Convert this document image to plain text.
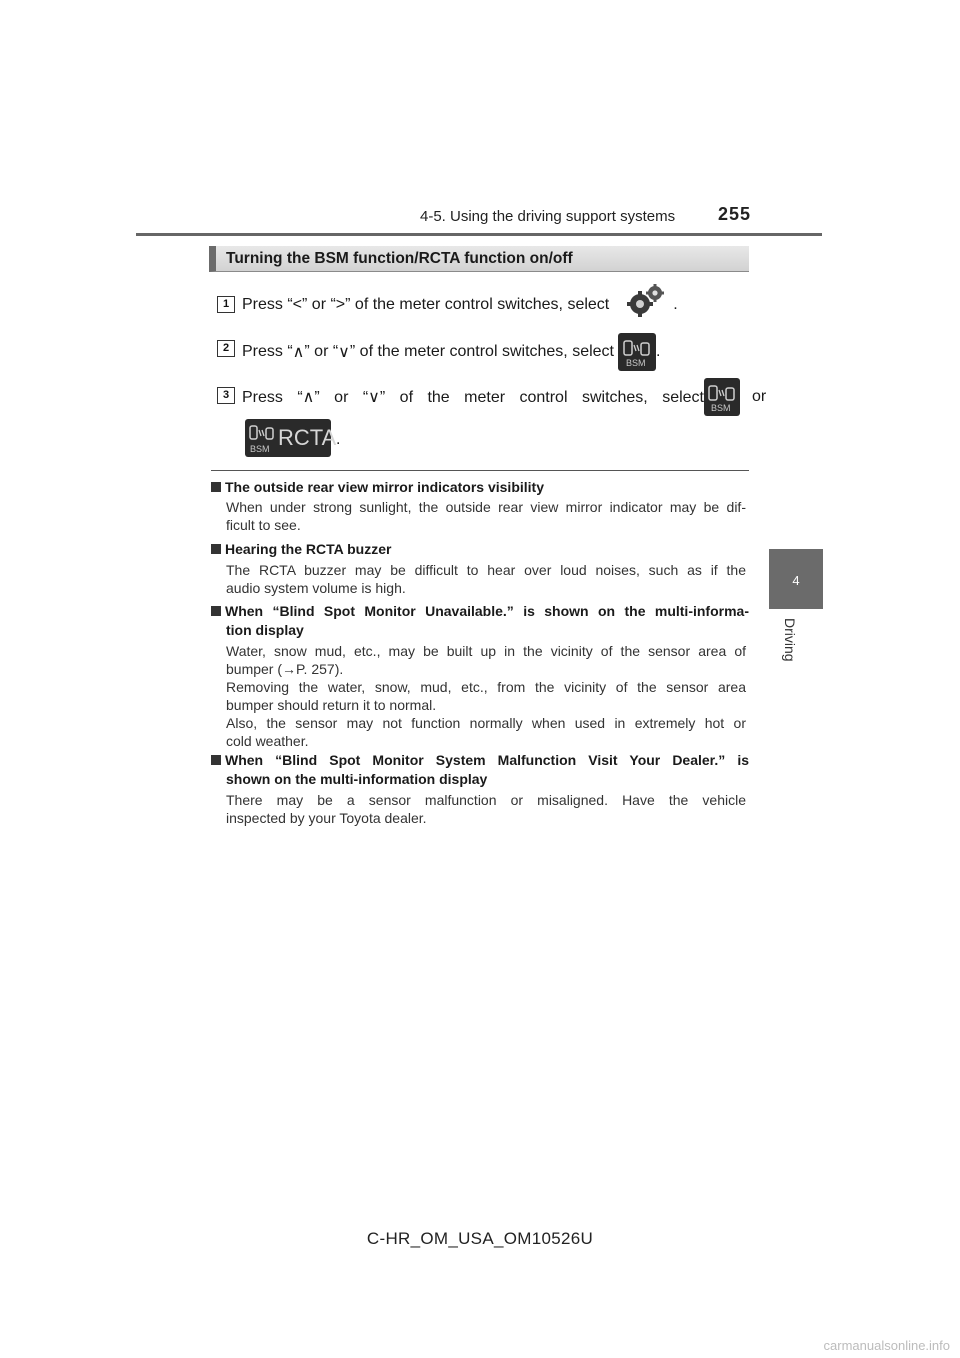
4-5. Using the driving support systems 255
4
Driving
Turning the BSM function/RCTA function on/off
1 Press “ < ” or “ > ” of the meter control switches, select	.
2 Press “ ∧ ” or “ ∨ ” of the meter control switches, select
BSM
.
3 Press “∧” or “∨” of the meter control switches, select
BSM
or
BSM RCTA .
The outside rear view mirror indicators visibility

When under strong sunlight, the outside rear view mirror indicator may be dif-

ficult to see.

Hearing the RCTA buzzer

The RCTA buzzer may be difficult to hear over loud noises, such as if the

audio system volume is high.

When “Blind Spot Monitor Unavailable.” is shown on the multi-informa-
tion display

Water, snow mud, etc., may be built up in the vicinity of the sensor area of

bumper (→P. 257).

Removing the water, snow, mud, etc., from the vicinity of the sensor area

bumper should return it to normal.

Also, the sensor may not function normally when used in extremely hot or

cold weather.

When “Blind Spot Monitor System Malfunction Visit Your Dealer.” is
shown on the multi-information display

There may be a sensor malfunction or misaligned. Have the vehicle

inspected by your Toyota dealer.

C-HR_OM_USA_OM10526U
carmanualsonline.info
